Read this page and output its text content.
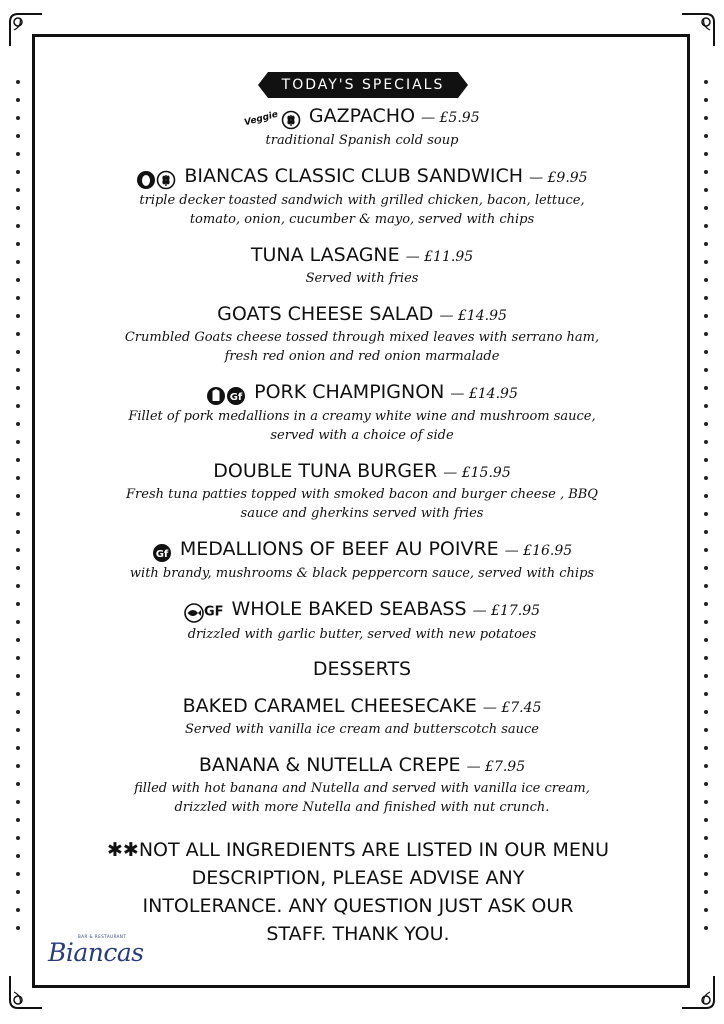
TODAY'S SPECIALS
Veggie GAZPACHO — £5.95
traditional Spanish cold soup
BIANCAS CLASSIC CLUB SANDWICH — £9.95
triple decker toasted sandwich with grilled chicken, bacon, lettuce,
tomato, onion, cucumber & mayo, served with chips
TUNA LASAGNE — £11.95
Served with fries
GOATS CHEESE SALAD — £14.95
Crumbled Goats cheese tossed through mixed leaves with serrano ham,
fresh red onion and red onion marmalade
Gf PORK CHAMPIGNON — £14.95
Fillet of pork medallions in a creamy white wine and mushroom sauce,
served with a choice of side
DOUBLE TUNA BURGER — £15.95
Fresh tuna patties topped with smoked bacon and burger cheese , BBQ
sauce and gherkins served with fries
Gf MEDALLIONS OF BEEF AU POIVRE — £16.95
with brandy, mushrooms & black peppercorn sauce, served with chips
GF WHOLE BAKED SEABASS — £17.95
drizzled with garlic butter, served with new potatoes
DESSERTS
BAKED CARAMEL CHEESECAKE — £7.45
Served with vanilla ice cream and butterscotch sauce
BANANA & NUTELLA CREPE — £7.95
filled with hot banana and Nutella and served with vanilla ice cream,
drizzled with more Nutella and finished with nut crunch.
✱✱NOT ALL INGREDIENTS ARE LISTED IN OUR MENU
DESCRIPTION, PLEASE ADVISE ANY
INTOLERANCE. ANY QUESTION JUST ASK OUR
STAFF. THANK YOU.
BAR & RESTAURANT
Biancas
